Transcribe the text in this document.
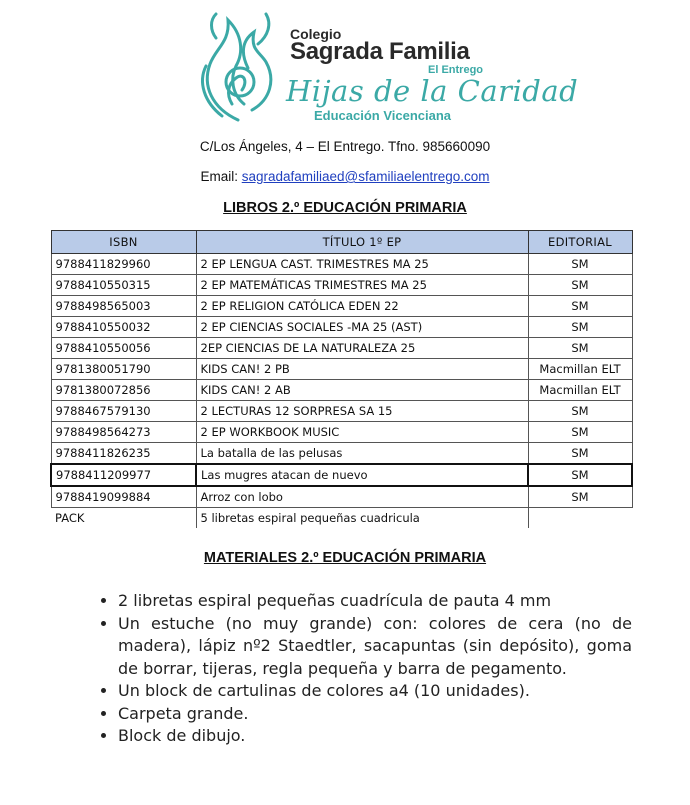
Colegio
Sagrada Familia
El Entrego
Hijas de la Caridad
Educación Vicenciana
C/Los Ángeles, 4 – El Entrego. Tfno. 985660090
Email: sagradafamiliaed@sfamiliaelentrego.com
LIBROS 2.º EDUCACIÓN PRIMARIA
ISBN	TÍTULO 1º EP	EDITORIAL
9788411829960	2 EP LENGUA CAST. TRIMESTRES MA 25	SM
9788410550315	2 EP MATEMÁTICAS TRIMESTRES MA 25	SM
9788498565003	2 EP RELIGION CATÓLICA EDEN 22	SM
9788410550032	2 EP CIENCIAS SOCIALES -MA 25 (AST)	SM
9788410550056	2EP CIENCIAS DE LA NATURALEZA 25	SM
9781380051790	KIDS CAN! 2 PB	Macmillan ELT
9781380072856	KIDS CAN! 2 AB	Macmillan ELT
9788467579130	2 LECTURAS 12 SORPRESA SA 15	SM
9788498564273	2 EP WORKBOOK MUSIC	SM
9788411826235	La batalla de las pelusas	SM
9788411209977	Las mugres atacan de nuevo	SM
9788419099884	Arroz con lobo	SM
PACK	5 libretas espiral pequeñas cuadricula	
MATERIALES 2.º EDUCACIÓN PRIMARIA
• 2 libretas espiral pequeñas cuadrícula de pauta 4 mm
• Un estuche (no muy grande) con: colores de cera (no de madera), lápiz nº2 Staedtler, sacapuntas (sin depósito), goma de borrar, tijeras, regla pequeña y barra de pegamento.
• Un block de cartulinas de colores a4 (10 unidades).
• Carpeta grande.
• Block de dibujo.
